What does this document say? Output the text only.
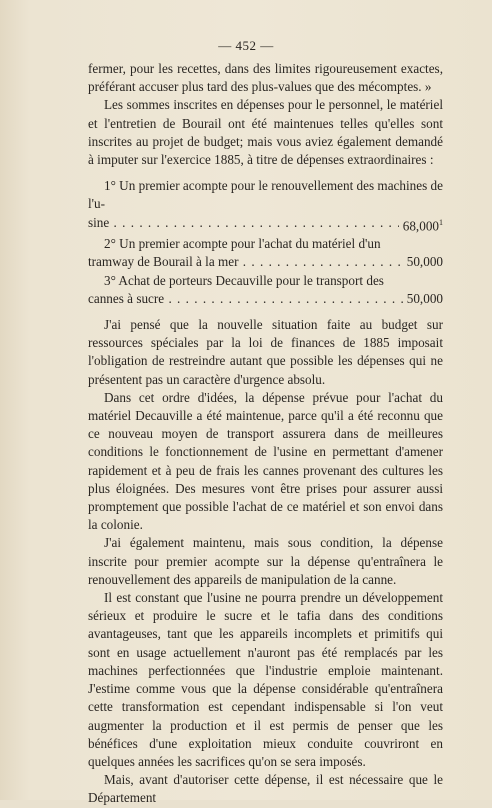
— 452 —

fermer, pour les recettes, dans des limites rigoureusement exactes, préférant accuser plus tard des plus-values que des mécomptes. »

Les sommes inscrites en dépenses pour le personnel, le matériel et l'entretien de Bourail ont été maintenues telles qu'elles sont inscrites au projet de budget; mais vous aviez également demandé à imputer sur l'exercice 1885, à titre de dépenses extraordinaires :

1° Un premier acompte pour le renouvellement des machines de l'u-

sine . . .	68,000$^1$

2° Un premier acompte pour l'achat du matériel d'un

tramway de Bourail à la mer . . .	50,000

3° Achat de porteurs Decauville pour le transport des

cannes à sucre . . .	50,000

J'ai pensé que la nouvelle situation faite au budget sur ressources spéciales par la loi de finances de 1885 imposait l'obligation de restreindre autant que possible les dépenses qui ne présentent pas un caractère d'urgence absolu.

Dans cet ordre d'idées, la dépense prévue pour l'achat du matériel Decauville a été maintenue, parce qu'il a été reconnu que ce nouveau moyen de transport assurera dans de meilleures conditions le fonctionnement de l'usine en permettant d'amener rapidement et à peu de frais les cannes provenant des cultures les plus éloignées. Des mesures vont être prises pour assurer aussi promptement que possible l'achat de ce matériel et son envoi dans la colonie.

J'ai également maintenu, mais sous condition, la dépense inscrite pour premier acompte sur la dépense qu'entraînera le renouvellement des appareils de manipulation de la canne.

Il est constant que l'usine ne pourra prendre un développement sérieux et produire le sucre et le tafia dans des conditions avantageuses, tant que les appareils incomplets et primitifs qui sont en usage actuellement n'auront pas été remplacés par les machines perfectionnées que l'industrie emploie maintenant. J'estime comme vous que la dépense considérable qu'entraînera cette transformation est cependant indispensable si l'on veut augmenter la production et il est permis de penser que les bénéfices d'une exploitation mieux conduite couvriront en quelques années les sacrifices qu'on se sera imposés.

Mais, avant d'autoriser cette dépense, il est nécessaire que le Département
